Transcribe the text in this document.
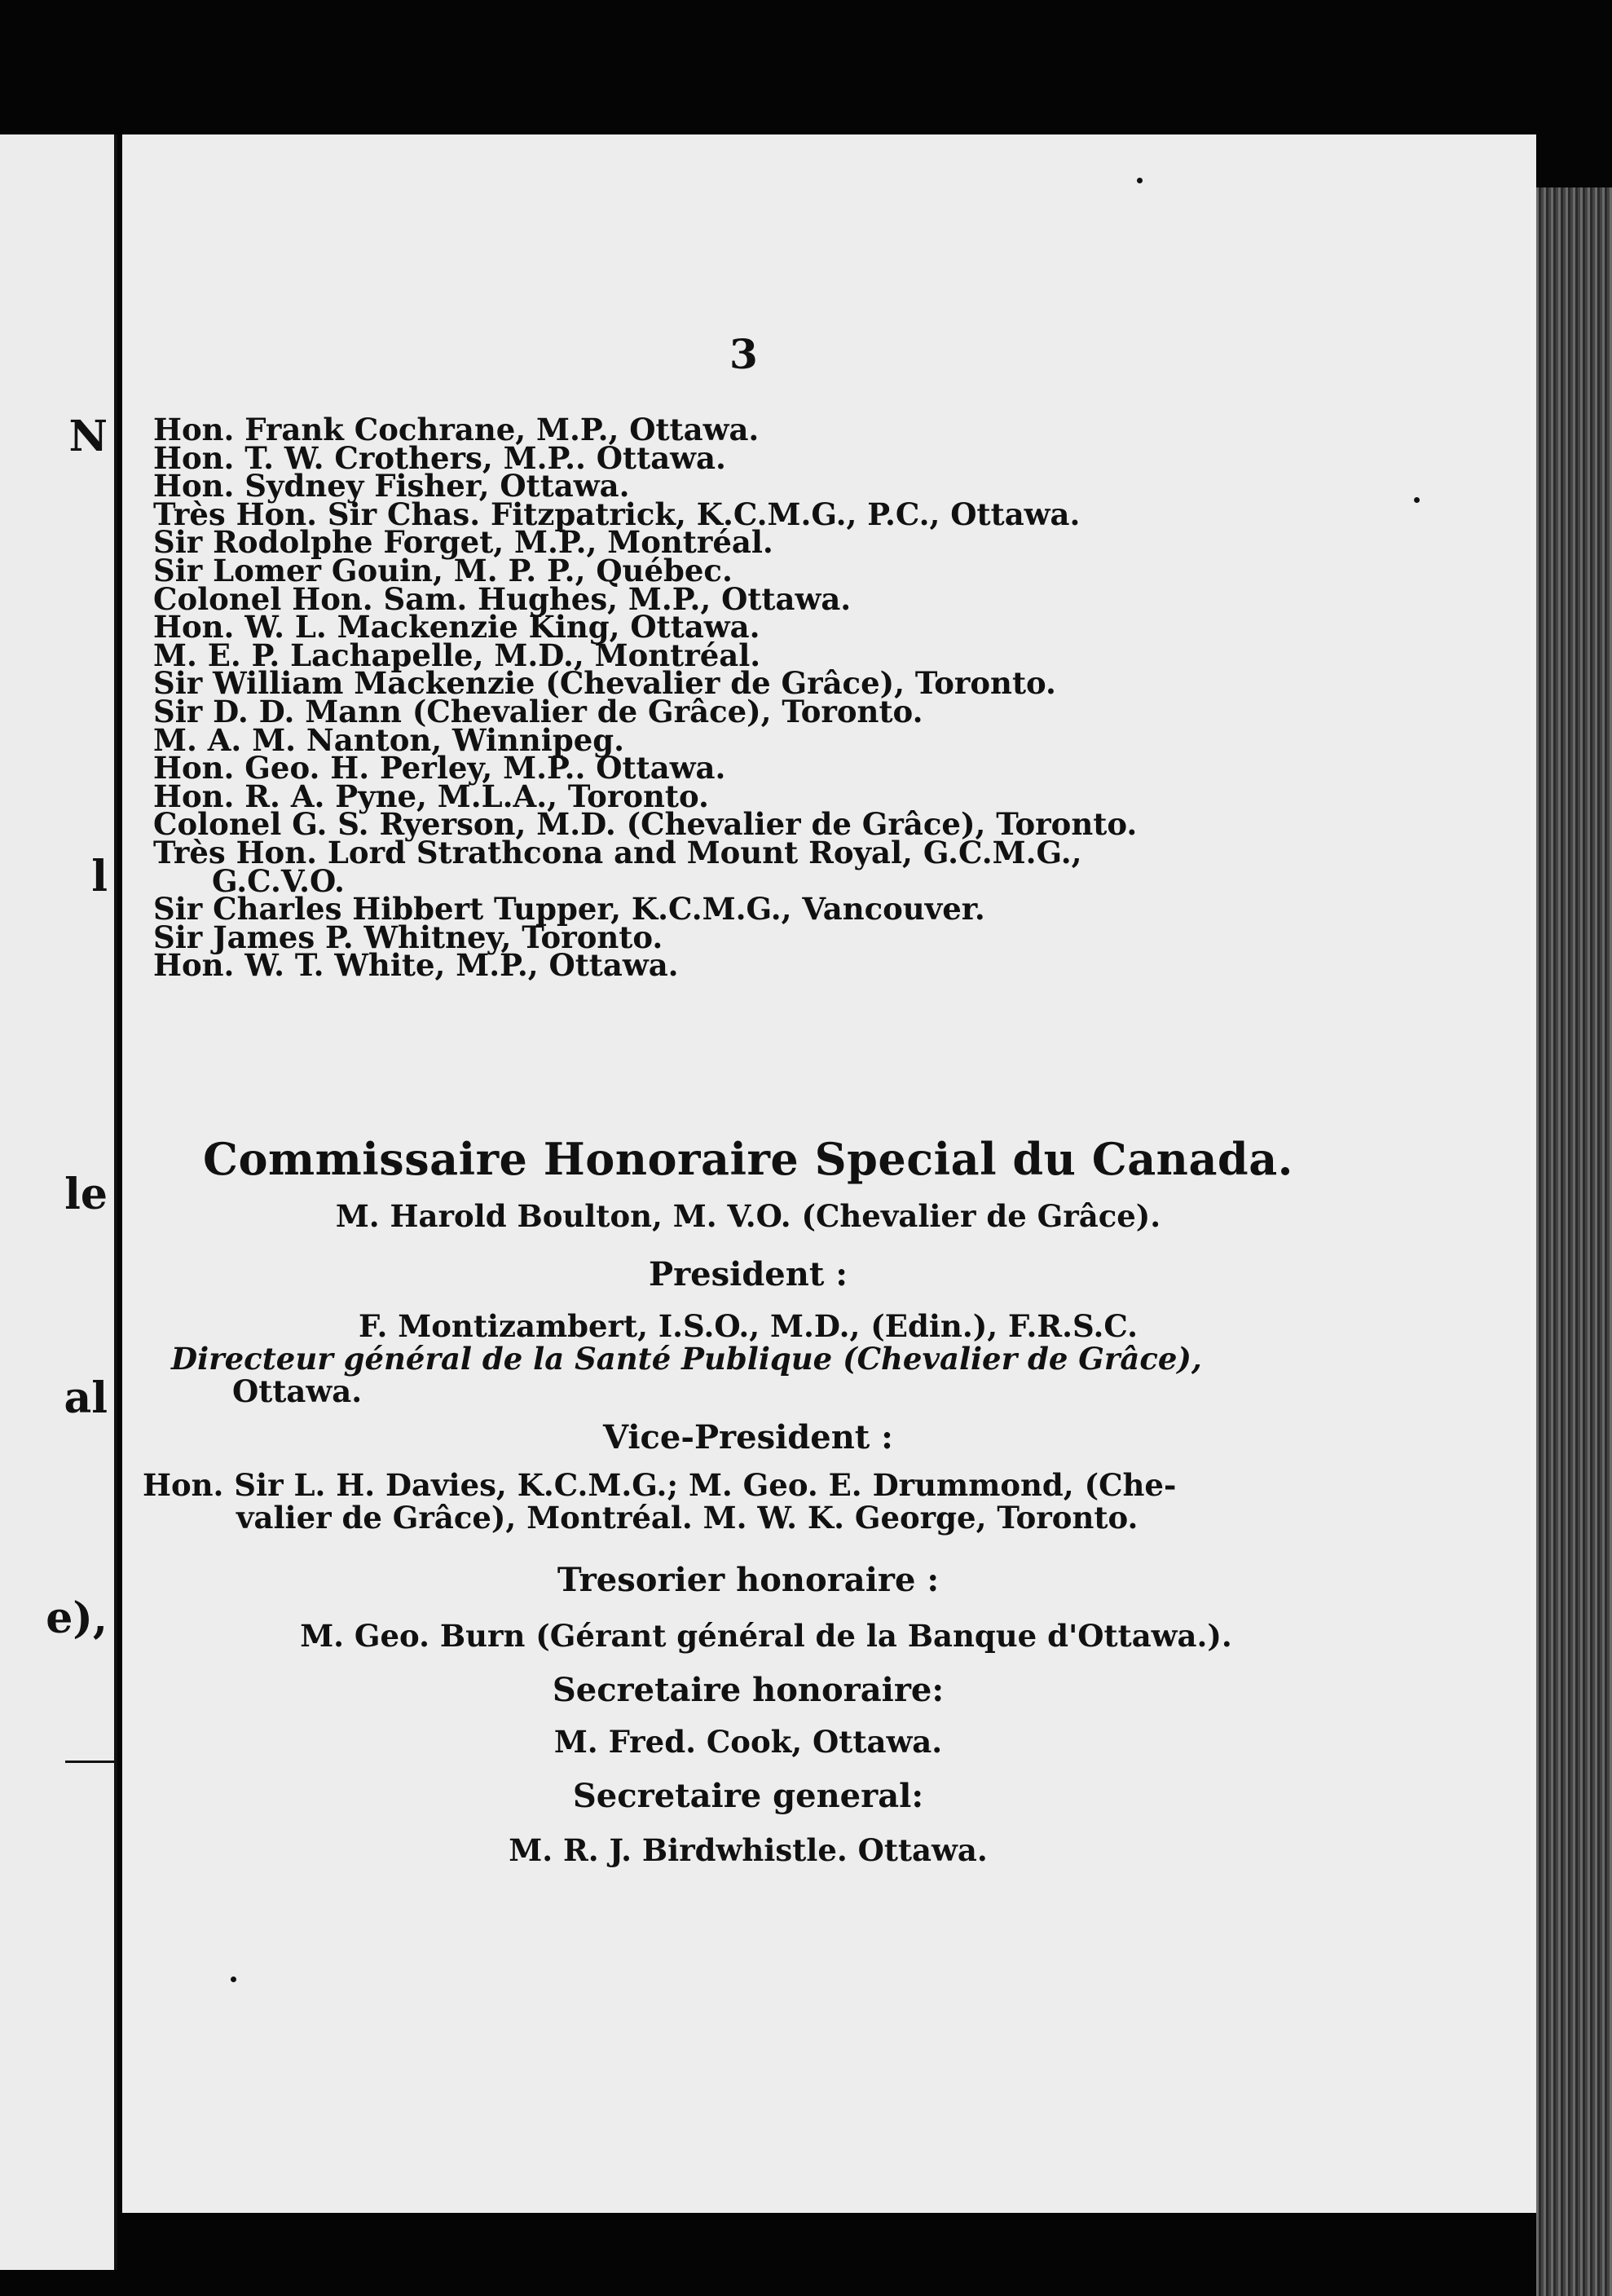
N
l
le
al
e),
3
Hon. Frank Cochrane, M.P., Ottawa.
Hon. T. W. Crothers, M.P.. Ottawa.
Hon. Sydney Fisher, Ottawa.
Très Hon. Sir Chas. Fitzpatrick, K.C.M.G., P.C., Ottawa.
Sir Rodolphe Forget, M.P., Montréal.
Sir Lomer Gouin, M. P. P., Québec.
Colonel Hon. Sam. Hughes, M.P., Ottawa.
Hon. W. L. Mackenzie King, Ottawa.
M. E. P. Lachapelle, M.D., Montréal.
Sir William Mackenzie (Chevalier de Grâce), Toronto.
Sir D. D. Mann (Chevalier de Grâce), Toronto.
M. A. M. Nanton, Winnipeg.
Hon. Geo. H. Perley, M.P.. Ottawa.
Hon. R. A. Pyne, M.L.A., Toronto.
Colonel G. S. Ryerson, M.D. (Chevalier de Grâce), Toronto.
Très Hon. Lord Strathcona and Mount Royal, G.C.M.G.,
G.C.V.O.
Sir Charles Hibbert Tupper, K.C.M.G., Vancouver.
Sir James P. Whitney, Toronto.
Hon. W. T. White, M.P., Ottawa.
Commissaire Honoraire Special du Canada.
M. Harold Boulton, M. V.O. (Chevalier de Grâce).
President :
F. Montizambert, I.S.O., M.D., (Edin.), F.R.S.C.
Directeur général de la Santé Publique (Chevalier de Grâce),
Ottawa.
Vice-President :
Hon. Sir L. H. Davies, K.C.M.G.; M. Geo. E. Drummond, (Che-
valier de Grâce), Montréal. M. W. K. George, Toronto.
Tresorier honoraire :
M. Geo. Burn (Gérant général de la Banque d'Ottawa.).
Secretaire honoraire:
M. Fred. Cook, Ottawa.
Secretaire general:
M. R. J. Birdwhistle. Ottawa.
